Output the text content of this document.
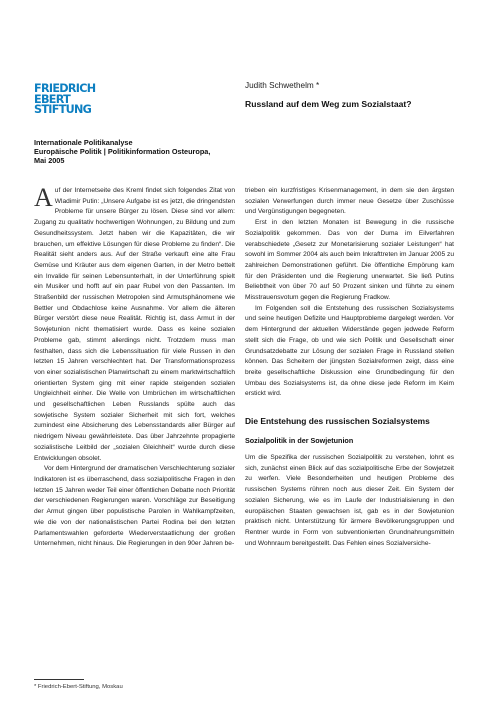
FRIEDRICH
EBERT
STIFTUNG
Internationale Politikanalyse
Europäische Politik | Politikinformation Osteuropa,
Mai 2005
Judith Schwethelm *
Russland auf dem Weg zum Sozialstaat?

Auf der Internetseite des Kreml findet sich folgendes Zitat von Wladimir Putin: „Unsere Aufgabe ist es jetzt, die dringendsten Probleme für unsere Bürger zu lösen. Diese sind vor allem: Zugang zu qualitativ hochwertigen Wohnungen, zu Bildung und zum Gesundheitssystem. Jetzt haben wir die Kapazitäten, die wir brauchen, um effektive Lösungen für diese Probleme zu finden“. Die Realität sieht anders aus. Auf der Straße verkauft eine alte Frau Gemüse und Kräuter aus dem eigenen Garten, in der Metro bettelt ein Invalide für seinen Lebensunterhalt, in der Unterführung spielt ein Musiker und hofft auf ein paar Rubel von den Passanten. Im Straßenbild der russischen Metropolen sind Armutsphänomene wie Bettler und Obdachlose keine Ausnahme. Vor allem die älteren Bürger verstört diese neue Realität. Richtig ist, dass Armut in der Sowjetunion nicht thematisiert wurde. Dass es keine sozialen Probleme gab, stimmt allerdings nicht. Trotzdem muss man festhalten, dass sich die Lebenssituation für viele Russen in den letzten 15 Jahren verschlechtert hat. Der Transformationsprozess von einer sozialistischen Planwirtschaft zu einem marktwirtschaftlich orientierten System ging mit einer rapide steigenden sozialen Ungleichheit einher. Die Welle von Umbrüchen im wirtschaftlichen und gesellschaftlichen Leben Russlands spülte auch das sowjetische System sozialer Sicherheit mit sich fort, welches zumindest eine Absicherung des Lebensstandards aller Bürger auf niedrigem Niveau gewährleistete. Das über Jahrzehnte propagierte sozialistische Leitbild der „sozialen Gleichheit“ wurde durch diese Entwicklungen obsolet.

Vor dem Hintergrund der dramatischen Verschlechterung sozialer Indikatoren ist es überraschend, dass sozialpolitische Fragen in den letzten 15 Jahren weder Teil einer öffentlichen Debatte noch Priorität der verschiedenen Regierungen waren. Vorschläge zur Beseitigung der Armut gingen über populistische Parolen in Wahlkampfzeiten, wie die von der nationalistischen Partei Rodina bei den letzten Parlamentswahlen geforderte Wiederverstaatlichung der großen Unternehmen, nicht hinaus. Die Regierungen in den 90er Jahren be-

trieben ein kurzfristiges Krisenmanagement, in dem sie den ärgsten sozialen Verwerfungen durch immer neue Gesetze über Zuschüsse und Vergünstigungen begegneten.

Erst in den letzten Monaten ist Bewegung in die russische Sozialpolitik gekommen. Das von der Duma im Eilverfahren verabschiedete „Gesetz zur Monetarisierung sozialer Leistungen“ hat sowohl im Sommer 2004 als auch beim Inkrafttreten im Januar 2005 zu zahlreichen Demonstrationen geführt. Die öffentliche Empörung kam für den Präsidenten und die Regierung unerwartet. Sie ließ Putins Beliebtheit von über 70 auf 50 Prozent sinken und führte zu einem Misstrauensvotum gegen die Regierung Fradkow.

Im Folgenden soll die Entstehung des russischen Sozialsystems und seine heutigen Defizite und Hauptprobleme dargelegt werden. Vor dem Hintergrund der aktuellen Widerstände gegen jedwede Reform stellt sich die Frage, ob und wie sich Politik und Gesellschaft einer Grundsatzdebatte zur Lösung der sozialen Frage in Russland stellen können. Das Scheitern der jüngsten Sozialreformen zeigt, dass eine breite gesellschaftliche Diskussion eine Grundbedingung für den Umbau des Sozialsystems ist, da ohne diese jede Reform im Keim erstickt wird.

Die Entstehung des russischen Sozialsystems
Sozialpolitik in der Sowjetunion

Um die Spezifika der russischen Sozialpolitik zu verstehen, lohnt es sich, zunächst einen Blick auf das sozialpolitische Erbe der Sowjetzeit zu werfen. Viele Besonderheiten und heutigen Probleme des russischen Systems rühren noch aus dieser Zeit. Ein System der sozialen Sicherung, wie es im Laufe der Industrialisierung in den europäischen Staaten gewachsen ist, gab es in der Sowjetunion praktisch nicht. Unterstützung für ärmere Bevölkerungsgruppen und Rentner wurde in Form von subventionierten Grundnahrungsmitteln und Wohnraum bereitgestellt. Das Fehlen eines Sozialversiche-

* Friedrich-Ebert-Stiftung, Moskau
